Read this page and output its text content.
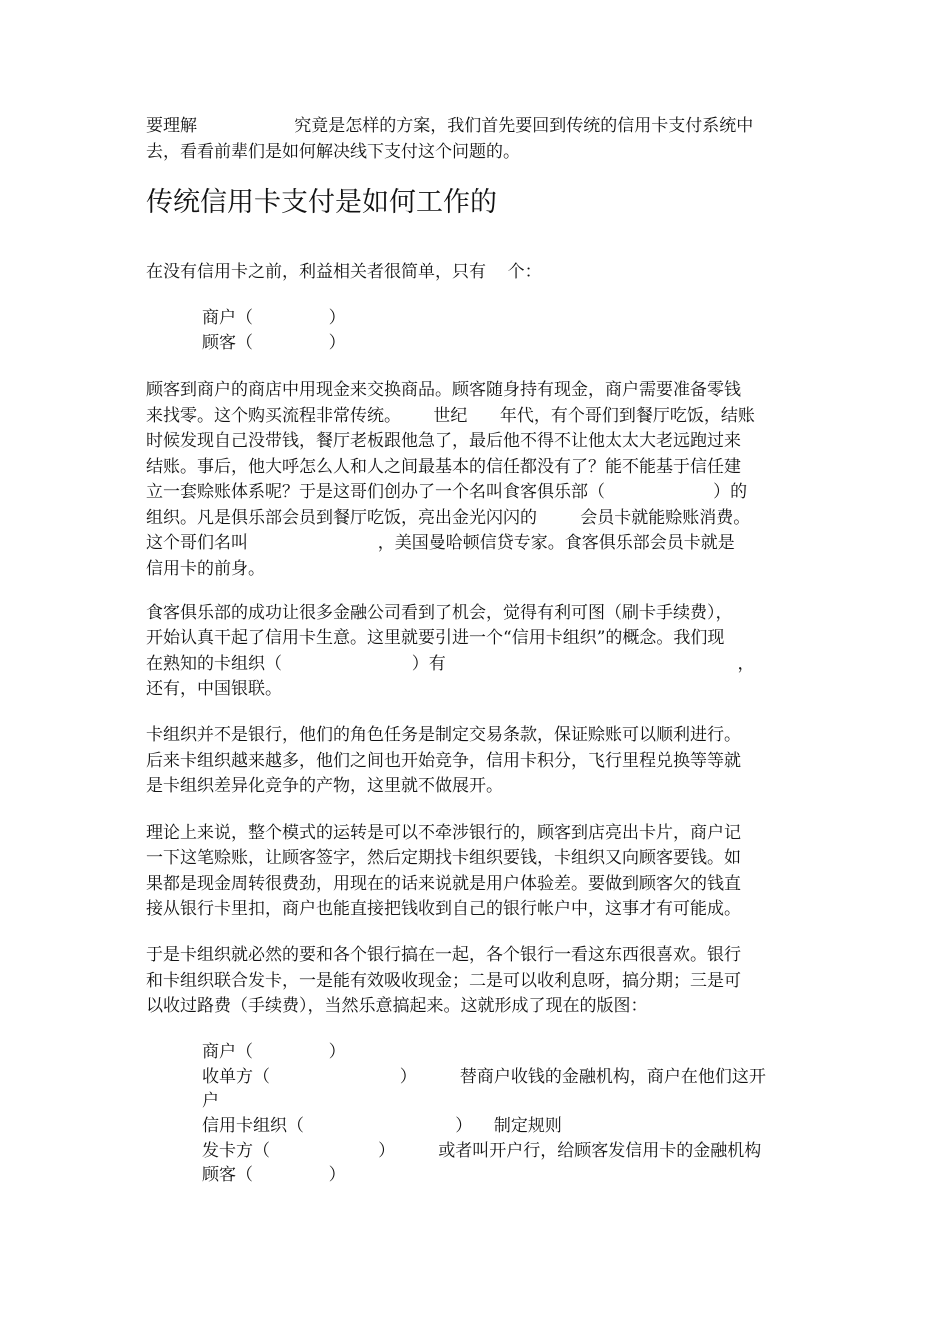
要理解                  究竟是怎样的方案，我们首先要回到传统的信用卡支付系统中
去，看看前辈们是如何解决线下支付这个问题的。
传统信用卡支付是如何工作的
在没有信用卡之前，利益相关者很简单，只有    个：
商户（              ）
顾客（              ）
顾客到商户的商店中用现金来交换商品。顾客随身持有现金，商户需要准备零钱
来找零。这个购买流程非常传统。      世纪      年代，有个哥们到餐厅吃饭，结账
时候发现自己没带钱，餐厅老板跟他急了，最后他不得不让他太太大老远跑过来
结账。事后，他大呼怎么人和人之间最基本的信任都没有了？能不能基于信任建
立一套赊账体系呢？于是这哥们创办了一个名叫食客俱乐部（                    ）的
组织。凡是俱乐部会员到餐厅吃饭，亮出金光闪闪的        会员卡就能赊账消费。
这个哥们名叫                        ，美国曼哈顿信贷专家。食客俱乐部会员卡就是
信用卡的前身。
食客俱乐部的成功让很多金融公司看到了机会，觉得有利可图（刷卡手续费），
开始认真干起了信用卡生意。这里就要引进一个“信用卡组织”的概念。我们现
在熟知的卡组织（                        ）有                                                      ，
还有，中国银联。
卡组织并不是银行，他们的角色任务是制定交易条款，保证赊账可以顺利进行。
后来卡组织越来越多，他们之间也开始竞争，信用卡积分，飞行里程兑换等等就
是卡组织差异化竞争的产物，这里就不做展开。
理论上来说，整个模式的运转是可以不牵涉银行的，顾客到店亮出卡片，商户记
一下这笔赊账，让顾客签字，然后定期找卡组织要钱，卡组织又向顾客要钱。如
果都是现金周转很费劲，用现在的话来说就是用户体验差。要做到顾客欠的钱直
接从银行卡里扣，商户也能直接把钱收到自己的银行帐户中，这事才有可能成。
于是卡组织就必然的要和各个银行搞在一起，各个银行一看这东西很喜欢。银行
和卡组织联合发卡，一是能有效吸收现金；二是可以收利息呀，搞分期；三是可
以收过路费（手续费），当然乐意搞起来。这就形成了现在的版图：
商户（              ）
收单方（                        ）        替商户收钱的金融机构，商户在他们这开
户
信用卡组织（                            ）    制定规则
发卡方（                    ）        或者叫开户行，给顾客发信用卡的金融机构
顾客（              ）
